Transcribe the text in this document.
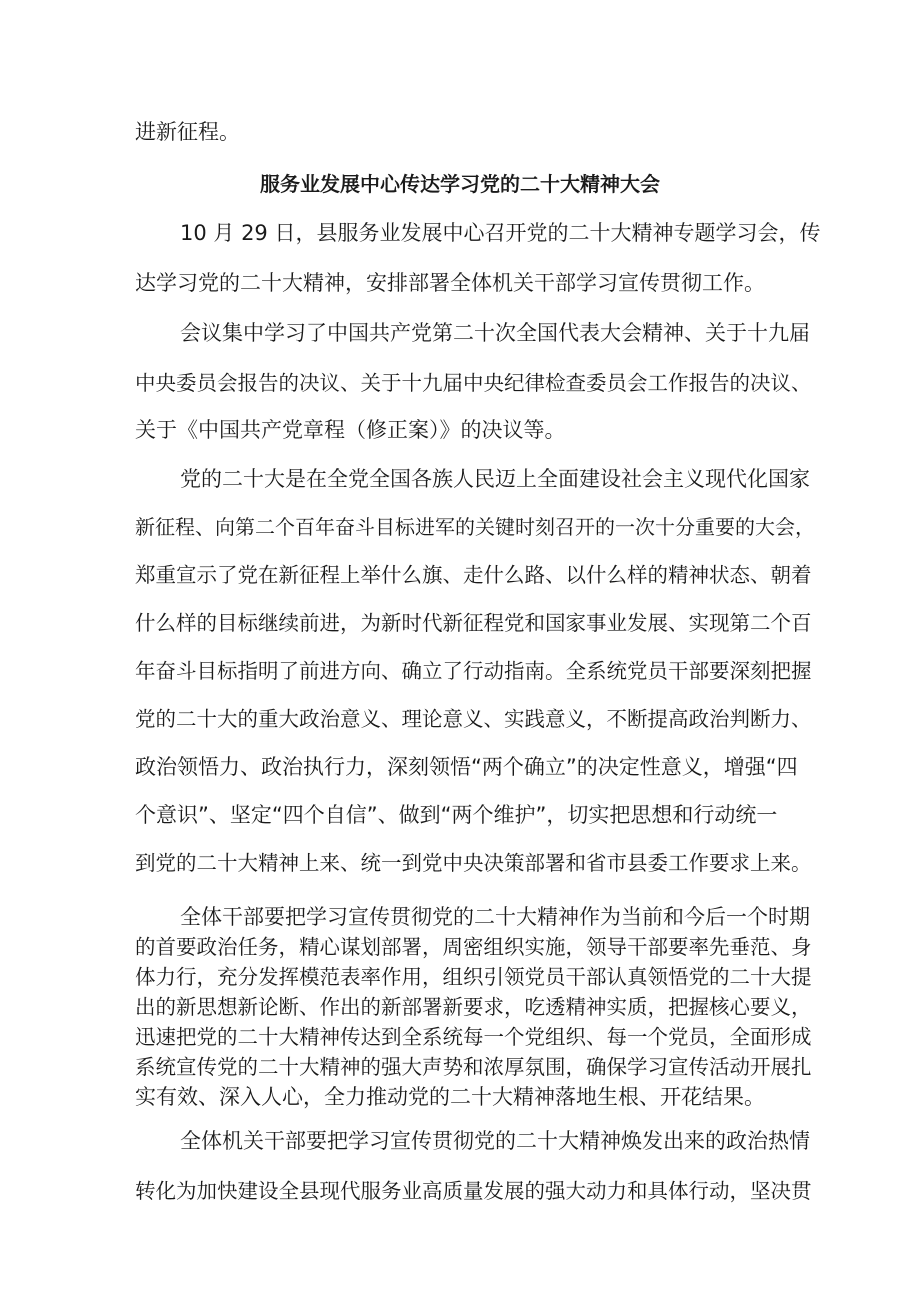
进新征程。
服务业发展中心传达学习党的二十大精神大会
10 月 29 日，县服务业发展中心召开党的二十大精神专题学习会，传
达学习党的二十大精神，安排部署全体机关干部学习宣传贯彻工作。
会议集中学习了中国共产党第二十次全国代表大会精神、关于十九届
中央委员会报告的决议、关于十九届中央纪律检查委员会工作报告的决议、
关于《中国共产党章程（修正案）》的决议等。
党的二十大是在全党全国各族人民迈上全面建设社会主义现代化国家
新征程、向第二个百年奋斗目标进军的关键时刻召开的一次十分重要的大会，
郑重宣示了党在新征程上举什么旗、走什么路、以什么样的精神状态、朝着
什么样的目标继续前进，为新时代新征程党和国家事业发展、实现第二个百
年奋斗目标指明了前进方向、确立了行动指南。全系统党员干部要深刻把握
党的二十大的重大政治意义、理论意义、实践意义，不断提高政治判断力、
政治领悟力、政治执行力，深刻领悟“两个确立”的决定性意义，增强“四
个意识”、坚定“四个自信”、做到“两个维护”，切实把思想和行动统一
到党的二十大精神上来、统一到党中央决策部署和省市县委工作要求上来。
全体干部要把学习宣传贯彻党的二十大精神作为当前和今后一个时期
的首要政治任务，精心谋划部署，周密组织实施，领导干部要率先垂范、身
体力行，充分发挥模范表率作用，组织引领党员干部认真领悟党的二十大提
出的新思想新论断、作出的新部署新要求，吃透精神实质，把握核心要义，
迅速把党的二十大精神传达到全系统每一个党组织、每一个党员，全面形成
系统宣传党的二十大精神的强大声势和浓厚氛围，确保学习宣传活动开展扎
实有效、深入人心，全力推动党的二十大精神落地生根、开花结果。
全体机关干部要把学习宣传贯彻党的二十大精神焕发出来的政治热情
转化为加快建设全县现代服务业高质量发展的强大动力和具体行动，坚决贯
